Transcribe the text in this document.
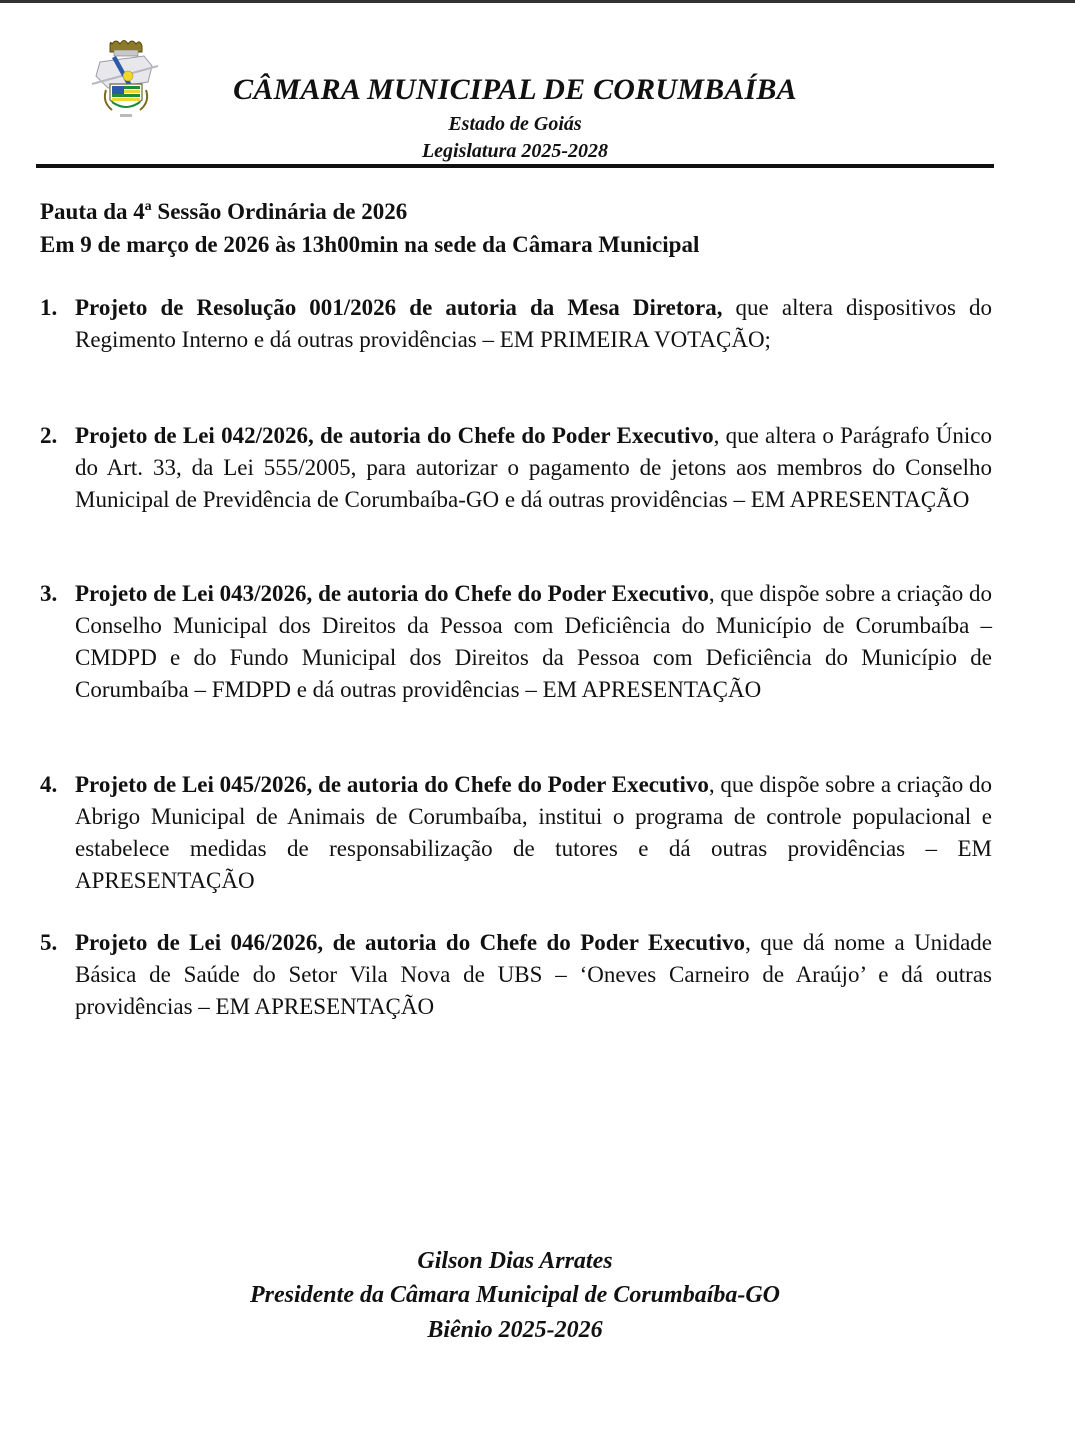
CÂMARA MUNICIPAL DE CORUMBAÍBA
Estado de Goiás
Legislatura 2025-2028
Pauta da 4ª Sessão Ordinária de 2026
Em 9 de março de 2026 às 13h00min na sede da Câmara Municipal
1. Projeto de Resolução 001/2026 de autoria da Mesa Diretora, que altera dispositivos do Regimento Interno e dá outras providências – EM PRIMEIRA VOTAÇÃO;
2. Projeto de Lei 042/2026, de autoria do Chefe do Poder Executivo, que altera o Parágrafo Único do Art. 33, da Lei 555/2005, para autorizar o pagamento de jetons aos membros do Conselho Municipal de Previdência de Corumbaíba-GO e dá outras providências – EM APRESENTAÇÃO
3. Projeto de Lei 043/2026, de autoria do Chefe do Poder Executivo, que dispõe sobre a criação do Conselho Municipal dos Direitos da Pessoa com Deficiência do Município de Corumbaíba – CMDPD e do Fundo Municipal dos Direitos da Pessoa com Deficiência do Município de Corumbaíba – FMDPD e dá outras providências – EM APRESENTAÇÃO
4. Projeto de Lei 045/2026, de autoria do Chefe do Poder Executivo, que dispõe sobre a criação do Abrigo Municipal de Animais de Corumbaíba, institui o programa de controle populacional e estabelece medidas de responsabilização de tutores e dá outras providências – EM APRESENTAÇÃO
5. Projeto de Lei 046/2026, de autoria do Chefe do Poder Executivo, que dá nome a Unidade Básica de Saúde do Setor Vila Nova de UBS – ‘Oneves Carneiro de Araújo’ e dá outras providências – EM APRESENTAÇÃO
Gilson Dias Arrates
Presidente da Câmara Municipal de Corumbaíba-GO
Biênio 2025-2026
